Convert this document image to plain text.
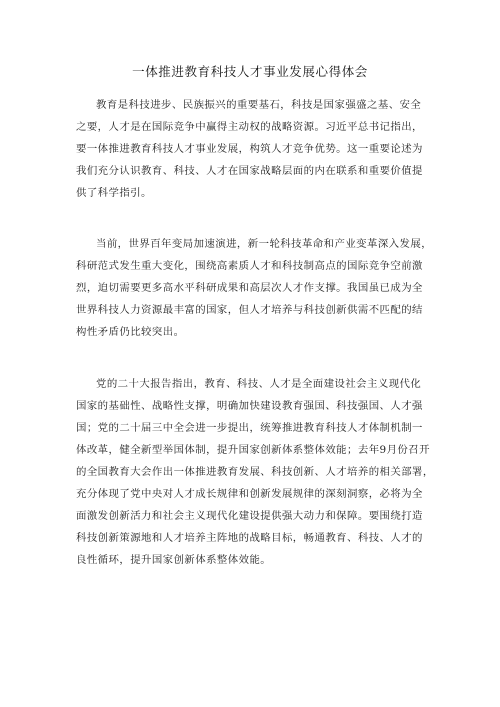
一体推进教育科技人才事业发展心得体会
教育是科技进步、民族振兴的重要基石，科技是国家强盛之基、安全
之要，人才是在国际竞争中赢得主动权的战略资源。习近平总书记指出，
要一体推进教育科技人才事业发展，构筑人才竞争优势。这一重要论述为
我们充分认识教育、科技、人才在国家战略层面的内在联系和重要价值提
供了科学指引。
当前，世界百年变局加速演进，新一轮科技革命和产业变革深入发展，
科研范式发生重大变化，围绕高素质人才和科技制高点的国际竞争空前激
烈，迫切需要更多高水平科研成果和高层次人才作支撑。我国虽已成为全
世界科技人力资源最丰富的国家，但人才培养与科技创新供需不匹配的结
构性矛盾仍比较突出。
党的二十大报告指出，教育、科技、人才是全面建设社会主义现代化
国家的基础性、战略性支撑，明确加快建设教育强国、科技强国、人才强
国；党的二十届三中全会进一步提出，统筹推进教育科技人才体制机制一
体改革，健全新型举国体制，提升国家创新体系整体效能；去年9月份召开
的全国教育大会作出一体推进教育发展、科技创新、人才培养的相关部署，
充分体现了党中央对人才成长规律和创新发展规律的深刻洞察，必将为全
面激发创新活力和社会主义现代化建设提供强大动力和保障。要围绕打造
科技创新策源地和人才培养主阵地的战略目标，畅通教育、科技、人才的
良性循环，提升国家创新体系整体效能。
